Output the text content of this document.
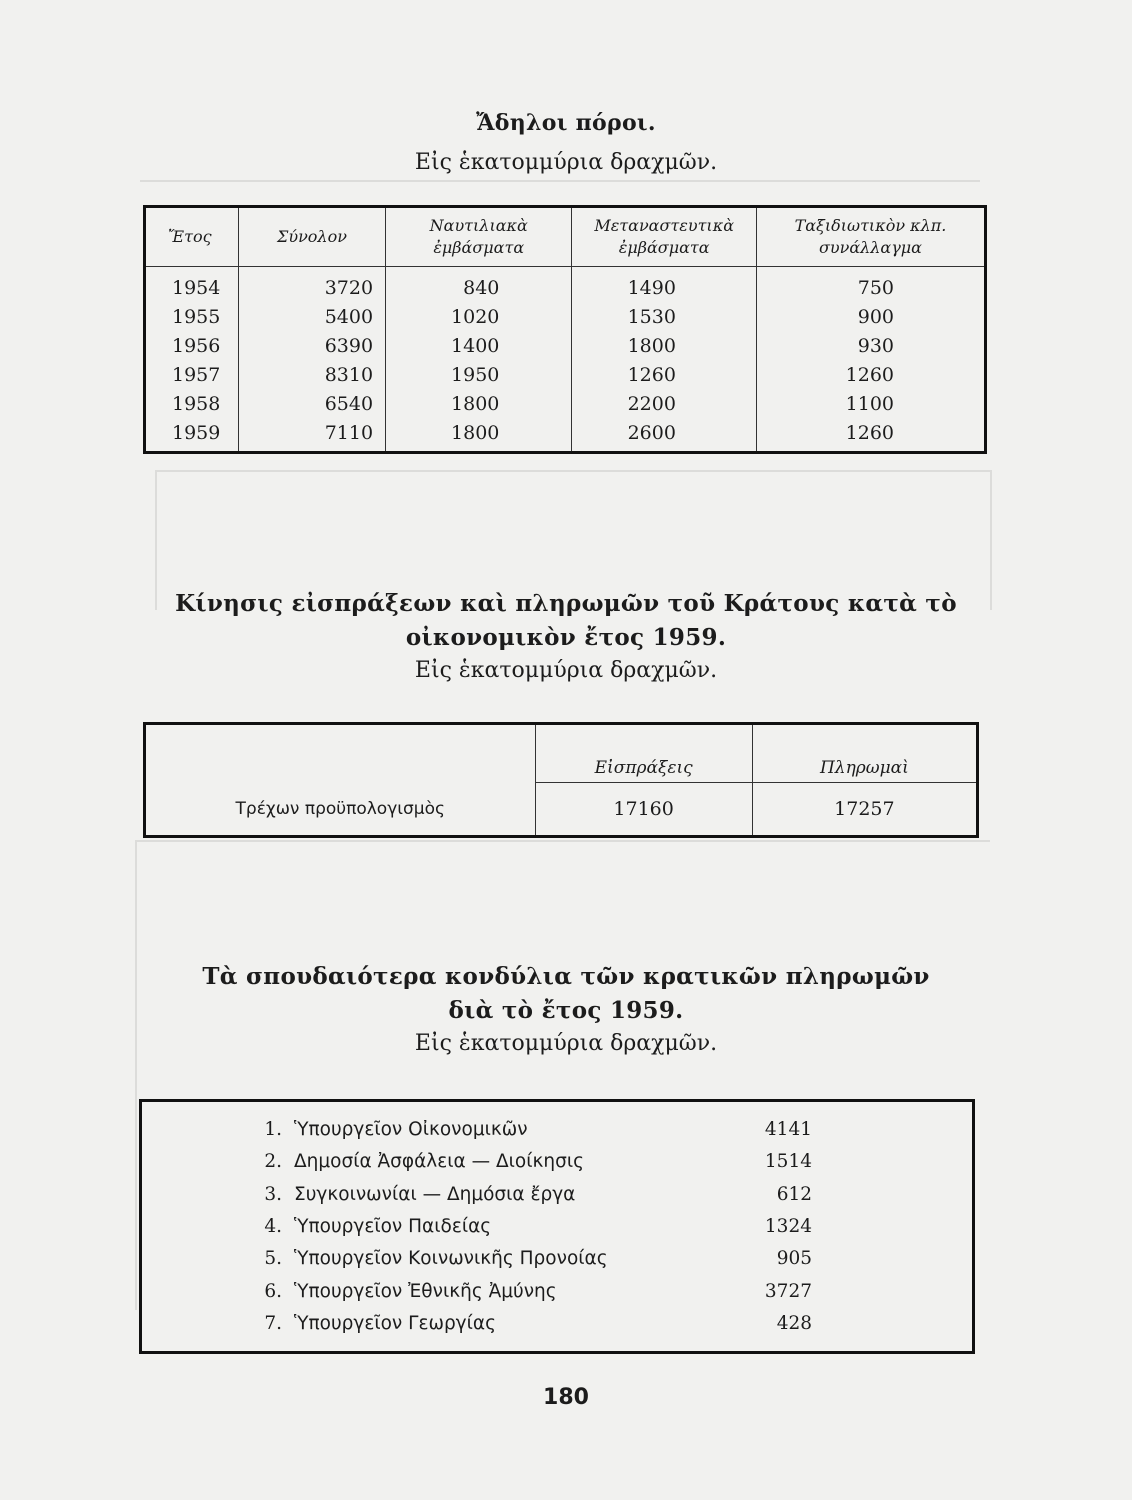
Ἄδηλοι πόροι.
Εἰς ἑκατομμύρια δραχμῶν.
Ἔτος	Σύνολον	Ναυτιλιακὰ ἐμβάσματα	Μεταναστευτικὰ ἐμβάσματα	Ταξιδιωτικὸν κλπ. συνάλλαγμα
1954	3720	840	1490	750
1955	5400	1020	1530	900
1956	6390	1400	1800	930
1957	8310	1950	1260	1260
1958	6540	1800	2200	1100
1959	7110	1800	2600	1260
Κίνησις εἰσπράξεων καὶ πληρωμῶν τοῦ Κράτους κατὰ τὸ
οἰκονομικὸν ἔτος 1959.
Εἰς ἑκατομμύρια δραχμῶν.
	Εἰσπράξεις	Πληρωμαὶ
Τρέχων προϋπολογισμὸς	17160	17257
Τὰ σπουδαιότερα κονδύλια τῶν κρατικῶν πληρωμῶν
διὰ τὸ ἔτος 1959.
Εἰς ἑκατομμύρια δραχμῶν.

1.	Ὑπουργεῖον Οἰκονομικῶν	4141
2.	Δημοσία Ἀσφάλεια — Διοίκησις	1514
3.	Συγκοινωνίαι — Δημόσια ἔργα	612
4.	Ὑπουργεῖον Παιδείας	1324
5.	Ὑπουργεῖον Κοινωνικῆς Προνοίας	905
6.	Ὑπουργεῖον Ἐθνικῆς Ἀμύνης	3727
7.	Ὑπουργεῖον Γεωργίας	428

180
